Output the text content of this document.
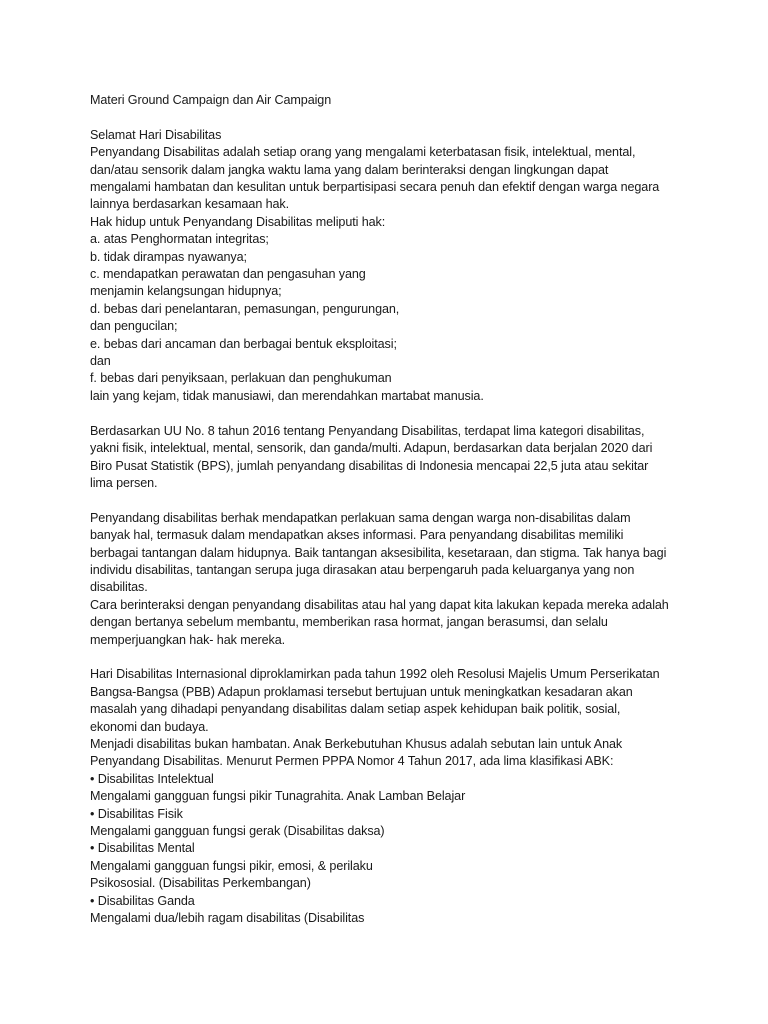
Materi Ground Campaign dan Air Campaign
Selamat Hari Disabilitas
Penyandang Disabilitas adalah setiap orang yang mengalami keterbatasan fisik, intelektual, mental,
dan/atau sensorik dalam jangka waktu lama yang dalam berinteraksi dengan lingkungan dapat
mengalami hambatan dan kesulitan untuk berpartisipasi secara penuh dan efektif dengan warga negara
lainnya berdasarkan kesamaan hak.
Hak hidup untuk Penyandang Disabilitas meliputi hak:
a. atas Penghormatan integritas;
b. tidak dirampas nyawanya;
c. mendapatkan perawatan dan pengasuhan yang
menjamin kelangsungan hidupnya;
d. bebas dari penelantaran, pemasungan, pengurungan,
dan pengucilan;
e. bebas dari ancaman dan berbagai bentuk eksploitasi;
dan
f. bebas dari penyiksaan, perlakuan dan penghukuman
lain yang kejam, tidak manusiawi, dan merendahkan martabat manusia.
Berdasarkan UU No. 8 tahun 2016 tentang Penyandang Disabilitas, terdapat lima kategori disabilitas,
yakni fisik, intelektual, mental, sensorik, dan ganda/multi. Adapun, berdasarkan data berjalan 2020 dari
Biro Pusat Statistik (BPS), jumlah penyandang disabilitas di Indonesia mencapai 22,5 juta atau sekitar
lima persen.
Penyandang disabilitas berhak mendapatkan perlakuan sama dengan warga non-disabilitas dalam
banyak hal, termasuk dalam mendapatkan akses informasi. Para penyandang disabilitas memiliki
berbagai tantangan dalam hidupnya. Baik tantangan aksesibilita, kesetaraan, dan stigma. Tak hanya bagi
individu disabilitas, tantangan serupa juga dirasakan atau berpengaruh pada keluarganya yang non
disabilitas.
Cara berinteraksi dengan penyandang disabilitas atau hal yang dapat kita lakukan kepada mereka adalah
dengan bertanya sebelum membantu, memberikan rasa hormat, jangan berasumsi, dan selalu
memperjuangkan hak- hak mereka.
Hari Disabilitas Internasional diproklamirkan pada tahun 1992 oleh Resolusi Majelis Umum Perserikatan
Bangsa-Bangsa (PBB) Adapun proklamasi tersebut bertujuan untuk meningkatkan kesadaran akan
masalah yang dihadapi penyandang disabilitas dalam setiap aspek kehidupan baik politik, sosial,
ekonomi dan budaya.
Menjadi disabilitas bukan hambatan. Anak Berkebutuhan Khusus adalah sebutan lain untuk Anak
Penyandang Disabilitas. Menurut Permen PPPA Nomor 4 Tahun 2017, ada lima klasifikasi ABK:
• Disabilitas Intelektual
Mengalami gangguan fungsi pikir Tunagrahita. Anak Lamban Belajar
• Disabilitas Fisik
Mengalami gangguan fungsi gerak (Disabilitas daksa)
• Disabilitas Mental
Mengalami gangguan fungsi pikir, emosi, & perilaku
Psikososial. (Disabilitas Perkembangan)
• Disabilitas Ganda
Mengalami dua/lebih ragam disabilitas (Disabilitas
